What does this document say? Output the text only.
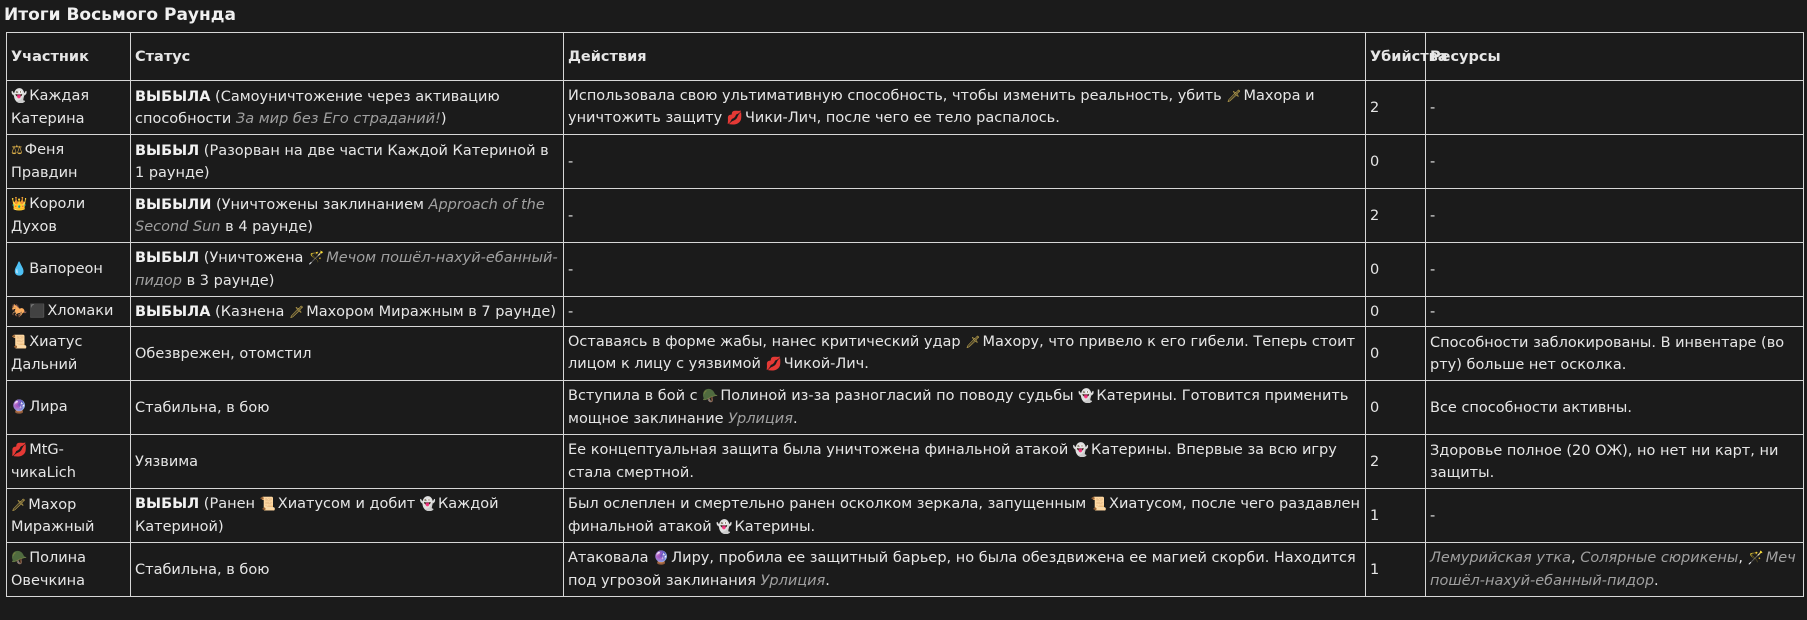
Итоги Восьмого Раунда
Участник	Статус	Действия	Убийства	Ресурсы
👻 Каждая Катерина	ВЫБЫЛА (Самоуничтожение через активацию способности За мир без Его страданий!)	Использовала свою ультимативную способность, чтобы изменить реальность, убить 🗡 Махора и уничтожить защиту 💋 Чики-Лич, после чего ее тело распалось.	2	-
⚖ Феня Правдин	ВЫБЫЛ (Разорван на две части Каждой Катериной в 1 раунде)	-	0	-
👑 Короли Духов	ВЫБЫЛИ (Уничтожены заклинанием Approach of the Second Sun в 4 раунде)	-	2	-
💧 Вапореон	ВЫБЫЛ (Уничтожена 🪄 Мечом пошёл-нахуй-ебанный-пидор в 3 раунде)	-	0	-
🐎 ⬛ Хломаки	ВЫБЫЛА (Казнена 🗡 Махором Миражным в 7 раунде)	-	0	-
📜 Хиатус Дальний	Обезврежен, отомстил	Оставаясь в форме жабы, нанес критический удар 🗡 Махору, что привело к его гибели. Теперь стоит лицом к лицу с уязвимой 💋 Чикой-Лич.	0	Способности заблокированы. В инвентаре (во рту) больше нет осколка.
🔮 Лира	Стабильна, в бою	Вступила в бой с 🪖 Полиной из-за разногласий по поводу судьбы 👻 Катерины. Готовится применить мощное заклинание Урлиция.	0	Все способности активны.
💋 MtG-чикаLich	Уязвима	Ее концептуальная защита была уничтожена финальной атакой 👻 Катерины. Впервые за всю игру стала смертной.	2	Здоровье полное (20 ОЖ), но нет ни карт, ни защиты.
🗡 Махор Миражный	ВЫБЫЛ (Ранен 📜 Хиатусом и добит 👻 Каждой Катериной)	Был ослеплен и смертельно ранен осколком зеркала, запущенным 📜 Хиатусом, после чего раздавлен финальной атакой 👻 Катерины.	1	-
🪖 Полина Овечкина	Стабильна, в бою	Атаковала 🔮 Лиру, пробила ее защитный барьер, но была обездвижена ее магией скорби. Находится под угрозой заклинания Урлиция.	1	Лемурийская утка, Солярные сюрикены, 🪄 Меч пошёл-нахуй-ебанный-пидор.
